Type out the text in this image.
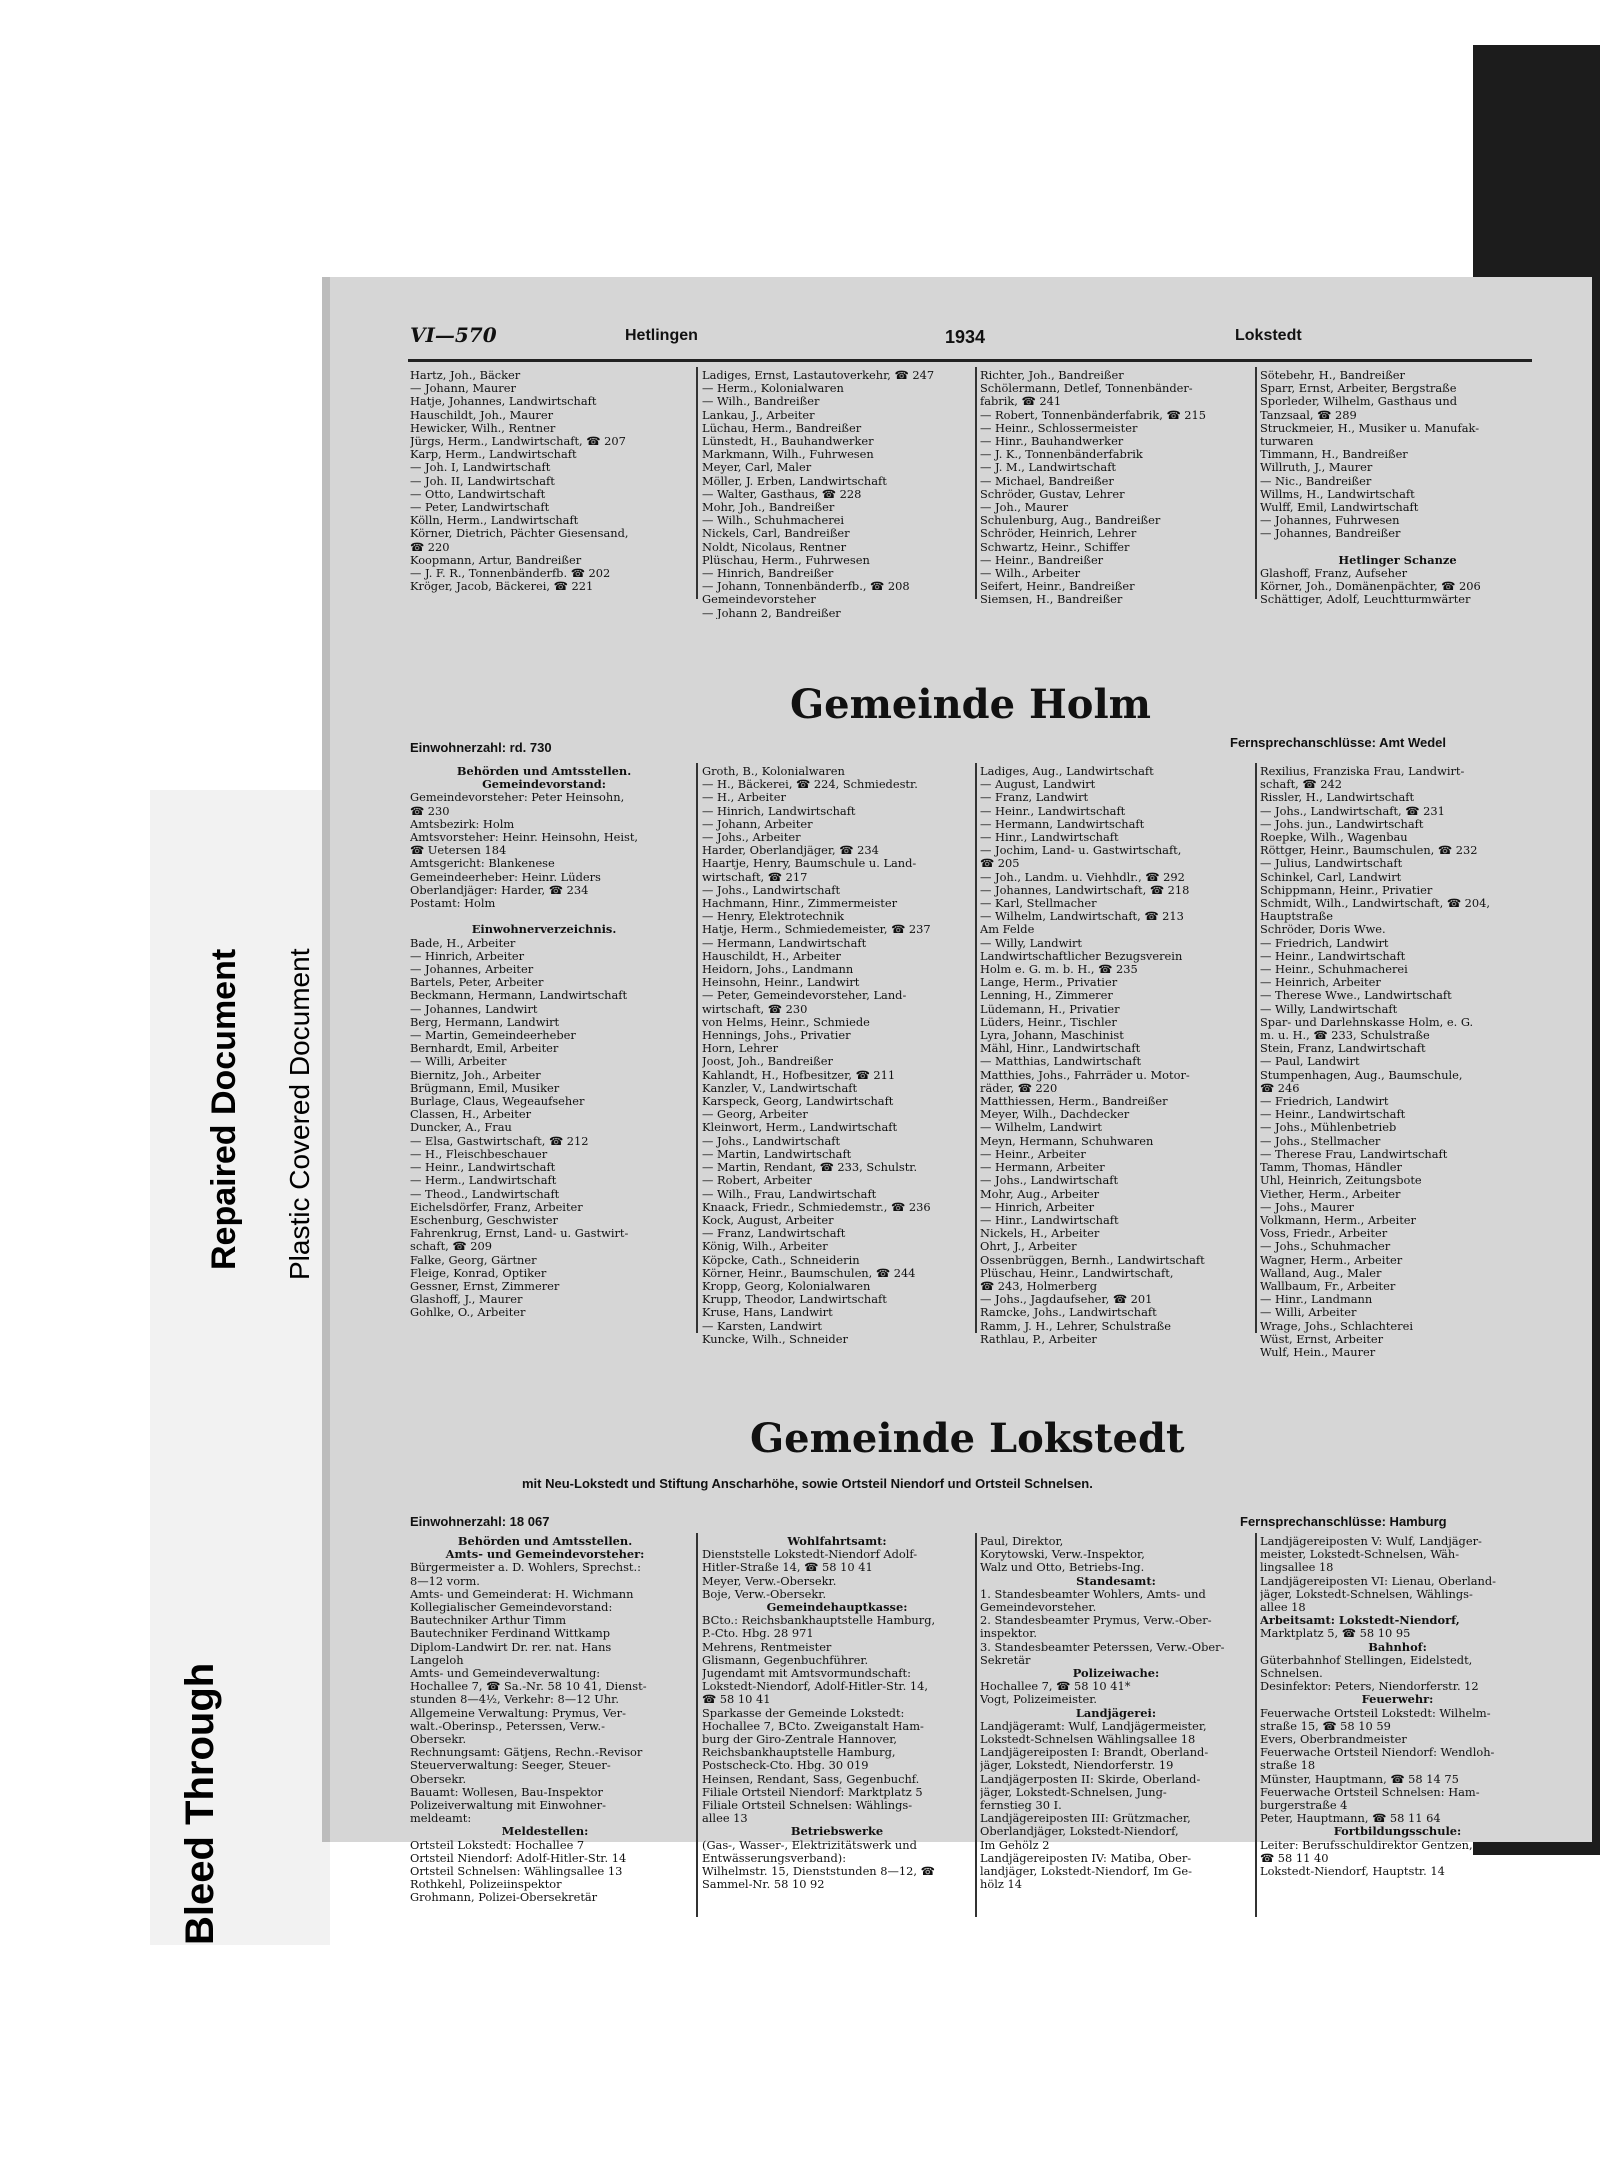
Bleed Through
Repaired Document Plastic Covered Document
VI—570	Hetlingen	1934	Lokstedt
Hartz, Joh., Bäcker
— Johann, Maurer
Hatje, Johannes, Landwirtschaft
Hauschildt, Joh., Maurer
Hewicker, Wilh., Rentner
Jürgs, Herm., Landwirtschaft, ☎ 207
Karp, Herm., Landwirtschaft
— Joh. I, Landwirtschaft
— Joh. II, Landwirtschaft
— Otto, Landwirtschaft
— Peter, Landwirtschaft
Kölln, Herm., Landwirtschaft
Körner, Dietrich, Pächter Giesensand,
☎ 220
Koopmann, Artur, Bandreißer
— J. F. R., Tonnenbänderfb. ☎ 202
Kröger, Jacob, Bäckerei, ☎ 221
Ladiges, Ernst, Lastautoverkehr, ☎ 247
— Herm., Kolonialwaren
— Wilh., Bandreißer
Lankau, J., Arbeiter
Lüchau, Herm., Bandreißer
Lünstedt, H., Bauhandwerker
Markmann, Wilh., Fuhrwesen
Meyer, Carl, Maler
Möller, J. Erben, Landwirtschaft
— Walter, Gasthaus, ☎ 228
Mohr, Joh., Bandreißer
— Wilh., Schuhmacherei
Nickels, Carl, Bandreißer
Noldt, Nicolaus, Rentner
Plüschau, Herm., Fuhrwesen
— Hinrich, Bandreißer
— Johann, Tonnenbänderfb., ☎ 208
Gemeindevorsteher
— Johann 2, Bandreißer
Richter, Joh., Bandreißer
Schölermann, Detlef, Tonnenbänder-
fabrik, ☎ 241
— Robert, Tonnenbänderfabrik, ☎ 215
— Heinr., Schlossermeister
— Hinr., Bauhandwerker
— J. K., Tonnenbänderfabrik
— J. M., Landwirtschaft
— Michael, Bandreißer
Schröder, Gustav, Lehrer
— Joh., Maurer
Schulenburg, Aug., Bandreißer
Schröder, Heinrich, Lehrer
Schwartz, Heinr., Schiffer
— Heinr., Bandreißer
— Wilh., Arbeiter
Seifert, Heinr., Bandreißer
Siemsen, H., Bandreißer
Sötebehr, H., Bandreißer
Sparr, Ernst, Arbeiter, Bergstraße
Sporleder, Wilhelm, Gasthaus und
Tanzsaal, ☎ 289
Struckmeier, H., Musiker u. Manufak-
turwaren
Timmann, H., Bandreißer
Willruth, J., Maurer
— Nic., Bandreißer
Willms, H., Landwirtschaft
Wulff, Emil, Landwirtschaft
— Johannes, Fuhrwesen
— Johannes, Bandreißer

Hetlinger Schanze
Glashoff, Franz, Aufseher
Körner, Joh., Domänenpächter, ☎ 206
Schättiger, Adolf, Leuchtturmwärter
Gemeinde Holm
Einwohnerzahl: rd. 730	Fernsprechanschlüsse: Amt Wedel
Behörden und Amtsstellen.
Gemeindevorstand:
Gemeindevorsteher: Peter Heinsohn,
☎ 230
Amtsbezirk: Holm
Amtsvorsteher: Heinr. Heinsohn, Heist,
☎ Uetersen 184
Amtsgericht: Blankenese
Gemeindeerheber: Heinr. Lüders
Oberlandjäger: Harder, ☎ 234
Postamt: Holm

Einwohnerverzeichnis.
Bade, H., Arbeiter
— Hinrich, Arbeiter
— Johannes, Arbeiter
Bartels, Peter, Arbeiter
Beckmann, Hermann, Landwirtschaft
— Johannes, Landwirt
Berg, Hermann, Landwirt
— Martin, Gemeindeerheber
Bernhardt, Emil, Arbeiter
— Willi, Arbeiter
Biernitz, Joh., Arbeiter
Brügmann, Emil, Musiker
Burlage, Claus, Wegeaufseher
Classen, H., Arbeiter
Duncker, A., Frau
— Elsa, Gastwirtschaft, ☎ 212
— H., Fleischbeschauer
— Heinr., Landwirtschaft
— Herm., Landwirtschaft
— Theod., Landwirtschaft
Eichelsdörfer, Franz, Arbeiter
Eschenburg, Geschwister
Fahrenkrug, Ernst, Land- u. Gastwirt-
schaft, ☎ 209
Falke, Georg, Gärtner
Fleige, Konrad, Optiker
Gessner, Ernst, Zimmerer
Glashoff, J., Maurer
Gohlke, O., Arbeiter
Groth, B., Kolonialwaren
— H., Bäckerei, ☎ 224, Schmiedestr.
— H., Arbeiter
— Hinrich, Landwirtschaft
— Johann, Arbeiter
— Johs., Arbeiter
Harder, Oberlandjäger, ☎ 234
Haartje, Henry, Baumschule u. Land-
wirtschaft, ☎ 217
— Johs., Landwirtschaft
Hachmann, Hinr., Zimmermeister
— Henry, Elektrotechnik
Hatje, Herm., Schmiedemeister, ☎ 237
— Hermann, Landwirtschaft
Hauschildt, H., Arbeiter
Heidorn, Johs., Landmann
Heinsohn, Heinr., Landwirt
— Peter, Gemeindevorsteher, Land-
wirtschaft, ☎ 230
von Helms, Heinr., Schmiede
Hennings, Johs., Privatier
Horn, Lehrer
Joost, Joh., Bandreißer
Kahlandt, H., Hofbesitzer, ☎ 211
Kanzler, V., Landwirtschaft
Karspeck, Georg, Landwirtschaft
— Georg, Arbeiter
Kleinwort, Herm., Landwirtschaft
— Johs., Landwirtschaft
— Martin, Landwirtschaft
— Martin, Rendant, ☎ 233, Schulstr.
— Robert, Arbeiter
— Wilh., Frau, Landwirtschaft
Knaack, Friedr., Schmiedemstr., ☎ 236
Kock, August, Arbeiter
— Franz, Landwirtschaft
König, Wilh., Arbeiter
Köpcke, Cath., Schneiderin
Körner, Heinr., Baumschulen, ☎ 244
Kropp, Georg, Kolonialwaren
Krupp, Theodor, Landwirtschaft
Kruse, Hans, Landwirt
— Karsten, Landwirt
Kuncke, Wilh., Schneider
Ladiges, Aug., Landwirtschaft
— August, Landwirt
— Franz, Landwirt
— Heinr., Landwirtschaft
— Hermann, Landwirtschaft
— Hinr., Landwirtschaft
— Jochim, Land- u. Gastwirtschaft,
☎ 205
— Joh., Landm. u. Viehhdlr., ☎ 292
— Johannes, Landwirtschaft, ☎ 218
— Karl, Stellmacher
— Wilhelm, Landwirtschaft, ☎ 213
Am Felde
— Willy, Landwirt
Landwirtschaftlicher Bezugsverein
Holm e. G. m. b. H., ☎ 235
Lange, Herm., Privatier
Lenning, H., Zimmerer
Lüdemann, H., Privatier
Lüders, Heinr., Tischler
Lyra, Johann, Maschinist
Mähl, Hinr., Landwirtschaft
— Matthias, Landwirtschaft
Matthies, Johs., Fahrräder u. Motor-
räder, ☎ 220
Matthiessen, Herm., Bandreißer
Meyer, Wilh., Dachdecker
— Wilhelm, Landwirt
Meyn, Hermann, Schuhwaren
— Heinr., Arbeiter
— Hermann, Arbeiter
— Johs., Landwirtschaft
Mohr, Aug., Arbeiter
— Hinrich, Arbeiter
— Hinr., Landwirtschaft
Nickels, H., Arbeiter
Ohrt, J., Arbeiter
Ossenbrüggen, Bernh., Landwirtschaft
Plüschau, Heinr., Landwirtschaft,
☎ 243, Holmerberg
— Johs., Jagdaufseher, ☎ 201
Ramcke, Johs., Landwirtschaft
Ramm, J. H., Lehrer, Schulstraße
Rathlau, P., Arbeiter
Rexilius, Franziska Frau, Landwirt-
schaft, ☎ 242
Rissler, H., Landwirtschaft
— Johs., Landwirtschaft, ☎ 231
— Johs. jun., Landwirtschaft
Roepke, Wilh., Wagenbau
Röttger, Heinr., Baumschulen, ☎ 232
— Julius, Landwirtschaft
Schinkel, Carl, Landwirt
Schippmann, Heinr., Privatier
Schmidt, Wilh., Landwirtschaft, ☎ 204,
Hauptstraße
Schröder, Doris Wwe.
— Friedrich, Landwirt
— Heinr., Landwirtschaft
— Heinr., Schuhmacherei
— Heinrich, Arbeiter
— Therese Wwe., Landwirtschaft
— Willy, Landwirtschaft
Spar- und Darlehnskasse Holm, e. G.
m. u. H., ☎ 233, Schulstraße
Stein, Franz, Landwirtschaft
— Paul, Landwirt
Stumpenhagen, Aug., Baumschule,
☎ 246
— Friedrich, Landwirt
— Heinr., Landwirtschaft
— Johs., Mühlenbetrieb
— Johs., Stellmacher
— Therese Frau, Landwirtschaft
Tamm, Thomas, Händler
Uhl, Heinrich, Zeitungsbote
Viether, Herm., Arbeiter
— Johs., Maurer
Volkmann, Herm., Arbeiter
Voss, Friedr., Arbeiter
— Johs., Schuhmacher
Wagner, Herm., Arbeiter
Walland, Aug., Maler
Wallbaum, Fr., Arbeiter
— Hinr., Landmann
— Willi, Arbeiter
Wrage, Johs., Schlachterei
Wüst, Ernst, Arbeiter
Wulf, Hein., Maurer
Gemeinde Lokstedt
mit Neu-Lokstedt und Stiftung Anscharhöhe, sowie Ortsteil Niendorf und Ortsteil Schnelsen.
Einwohnerzahl: 18 067	Fernsprechanschlüsse: Hamburg
Behörden und Amtsstellen.
Amts- und Gemeindevorsteher:
Bürgermeister a. D. Wohlers, Sprechst.:
8—12 vorm.
Amts- und Gemeinderat: H. Wichmann
Kollegialischer Gemeindevorstand:
Bautechniker Arthur Timm
Bautechniker Ferdinand Wittkamp
Diplom-Landwirt Dr. rer. nat. Hans
Langeloh
Amts- und Gemeindeverwaltung:
Hochallee 7, ☎ Sa.-Nr. 58 10 41, Dienst-
stunden 8—4½, Verkehr: 8—12 Uhr.
Allgemeine Verwaltung: Prymus, Ver-
walt.-Oberinsp., Peterssen, Verw.-
Obersekr.
Rechnungsamt: Gätjens, Rechn.-Revisor
Steuerverwaltung: Seeger, Steuer-
Obersekr.
Bauamt: Wollesen, Bau-Inspektor
Polizeiverwaltung mit Einwohner-
meldeamt:
Meldestellen:
Ortsteil Lokstedt: Hochallee 7
Ortsteil Niendorf: Adolf-Hitler-Str. 14
Ortsteil Schnelsen: Wählingsallee 13
Rothkehl, Polizeiinspektor
Grohmann, Polizei-Obersekretär
Wohlfahrtsamt:
Dienststelle Lokstedt-Niendorf Adolf-
Hitler-Straße 14, ☎ 58 10 41
Meyer, Verw.-Obersekr.
Boje, Verw.-Obersekr.
Gemeindehauptkasse:
BCto.: Reichsbankhauptstelle Hamburg,
P.-Cto. Hbg. 28 971
Mehrens, Rentmeister
Glismann, Gegenbuchführer.
Jugendamt mit Amtsvormundschaft:
Lokstedt-Niendorf, Adolf-Hitler-Str. 14,
☎ 58 10 41
Sparkasse der Gemeinde Lokstedt:
Hochallee 7, BCto. Zweiganstalt Ham-
burg der Giro-Zentrale Hannover,
Reichsbankhauptstelle Hamburg,
Postscheck-Cto. Hbg. 30 019
Heinsen, Rendant, Sass, Gegenbuchf.
Filiale Ortsteil Niendorf: Marktplatz 5
Filiale Ortsteil Schnelsen: Wählings-
allee 13
Betriebswerke
(Gas-, Wasser-, Elektrizitätswerk und
Entwässerungsverband):
Wilhelmstr. 15, Dienststunden 8—12, ☎
Sammel-Nr. 58 10 92
Paul, Direktor,
Korytowski, Verw.-Inspektor,
Walz und Otto, Betriebs-Ing.
Standesamt:
1. Standesbeamter Wohlers, Amts- und
Gemeindevorsteher.
2. Standesbeamter Prymus, Verw.-Ober-
inspektor.
3. Standesbeamter Peterssen, Verw.-Ober-
Sekretär
Polizeiwache:
Hochallee 7, ☎ 58 10 41*
Vogt, Polizeimeister.
Landjägerei:
Landjägeramt: Wulf, Landjägermeister,
Lokstedt-Schnelsen Wählingsallee 18
Landjägereiposten I: Brandt, Oberland-
jäger, Lokstedt, Niendorferstr. 19
Landjägerposten II: Skirde, Oberland-
jäger, Lokstedt-Schnelsen, Jung-
fernstieg 30 I.
Landjägereiposten III: Grützmacher,
Oberlandjäger, Lokstedt-Niendorf,
Im Gehölz 2
Landjägereiposten IV: Matiba, Ober-
landjäger, Lokstedt-Niendorf, Im Ge-
hölz 14
Landjägereiposten V: Wulf, Landjäger-
meister, Lokstedt-Schnelsen, Wäh-
lingsallee 18
Landjägereiposten VI: Lienau, Oberland-
jäger, Lokstedt-Schnelsen, Wählings-
allee 18
Arbeitsamt: Lokstedt-Niendorf,
Marktplatz 5, ☎ 58 10 95
Bahnhof:
Güterbahnhof Stellingen, Eidelstedt,
Schnelsen.
Desinfektor: Peters, Niendorferstr. 12
Feuerwehr:
Feuerwache Ortsteil Lokstedt: Wilhelm-
straße 15, ☎ 58 10 59
Evers, Oberbrandmeister
Feuerwache Ortsteil Niendorf: Wendloh-
straße 18
Münster, Hauptmann, ☎ 58 14 75
Feuerwache Ortsteil Schnelsen: Ham-
burgerstraße 4
Peter, Hauptmann, ☎ 58 11 64
Fortbildungsschule:
Leiter: Berufsschuldirektor Gentzen,
☎ 58 11 40
Lokstedt-Niendorf, Hauptstr. 14
